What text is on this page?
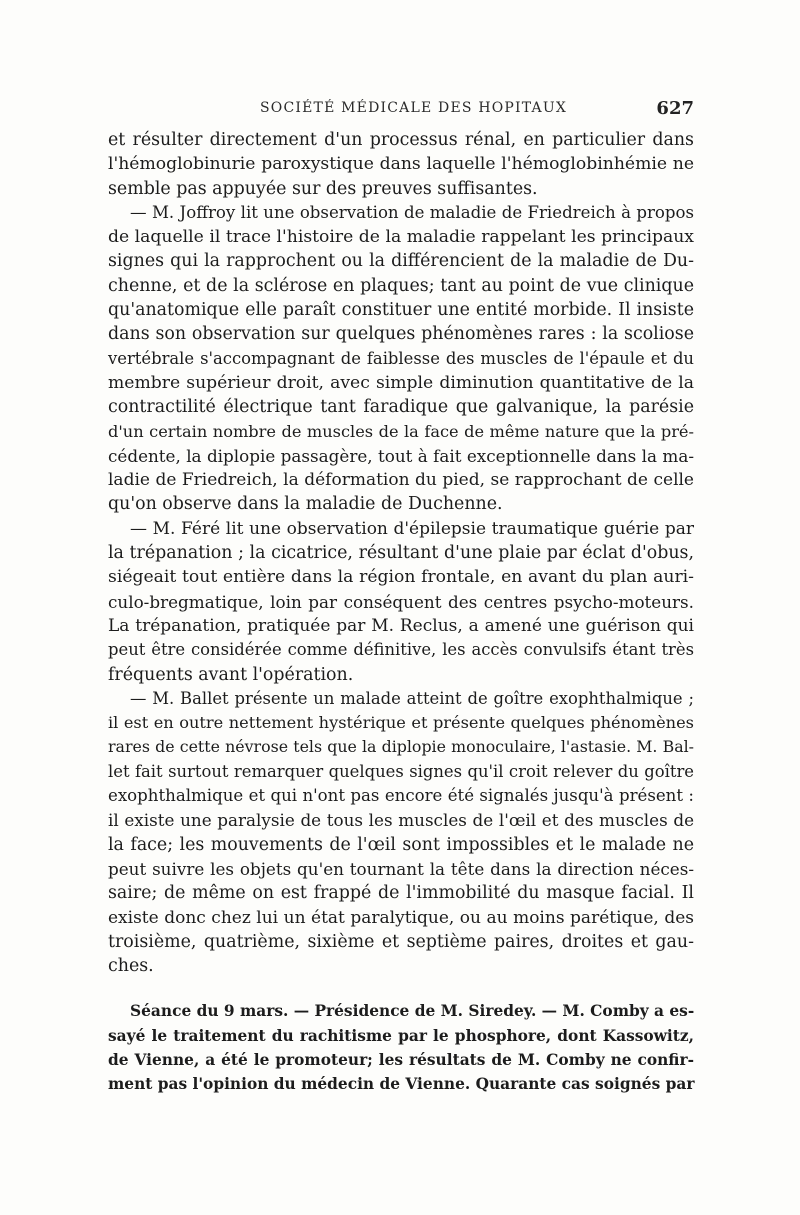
SOCIÉTÉ MÉDICALE DES HOPITAUX	627
et résulter directement d'un processus rénal, en particulier dans
l'hémoglobinurie paroxystique dans laquelle l'hémoglobinhémie ne
semble pas appuyée sur des preuves suffisantes.
— M. Joffroy lit une observation de maladie de Friedreich à propos
de laquelle il trace l'histoire de la maladie rappelant les principaux
signes qui la rapprochent ou la différencient de la maladie de Du-
chenne, et de la sclérose en plaques; tant au point de vue clinique
qu'anatomique elle paraît constituer une entité morbide. Il insiste
dans son observation sur quelques phénomènes rares : la scoliose
vertébrale s'accompagnant de faiblesse des muscles de l'épaule et du
membre supérieur droit, avec simple diminution quantitative de la
contractilité électrique tant faradique que galvanique, la parésie
d'un certain nombre de muscles de la face de même nature que la pré-
cédente, la diplopie passagère, tout à fait exceptionnelle dans la ma-
ladie de Friedreich, la déformation du pied, se rapprochant de celle
qu'on observe dans la maladie de Duchenne.
— M. Féré lit une observation d'épilepsie traumatique guérie par
la trépanation ; la cicatrice, résultant d'une plaie par éclat d'obus,
siégeait tout entière dans la région frontale, en avant du plan auri-
culo-bregmatique, loin par conséquent des centres psycho-moteurs.
La trépanation, pratiquée par M. Reclus, a amené une guérison qui
peut être considérée comme définitive, les accès convulsifs étant très
fréquents avant l'opération.
— M. Ballet présente un malade atteint de goître exophthalmique ;
il est en outre nettement hystérique et présente quelques phénomènes
rares de cette névrose tels que la diplopie monoculaire, l'astasie. M. Bal-
let fait surtout remarquer quelques signes qu'il croit relever du goître
exophthalmique et qui n'ont pas encore été signalés jusqu'à présent :
il existe une paralysie de tous les muscles de l'œil et des muscles de
la face; les mouvements de l'œil sont impossibles et le malade ne
peut suivre les objets qu'en tournant la tête dans la direction néces-
saire; de même on est frappé de l'immobilité du masque facial. Il
existe donc chez lui un état paralytique, ou au moins parétique, des
troisième, quatrième, sixième et septième paires, droites et gau-
ches.
Séance du 9 mars. — Présidence de M. Siredey. — M. Comby a es-
sayé le traitement du rachitisme par le phosphore, dont Kassowitz,
de Vienne, a été le promoteur; les résultats de M. Comby ne confir-
ment pas l'opinion du médecin de Vienne. Quarante cas soignés par
